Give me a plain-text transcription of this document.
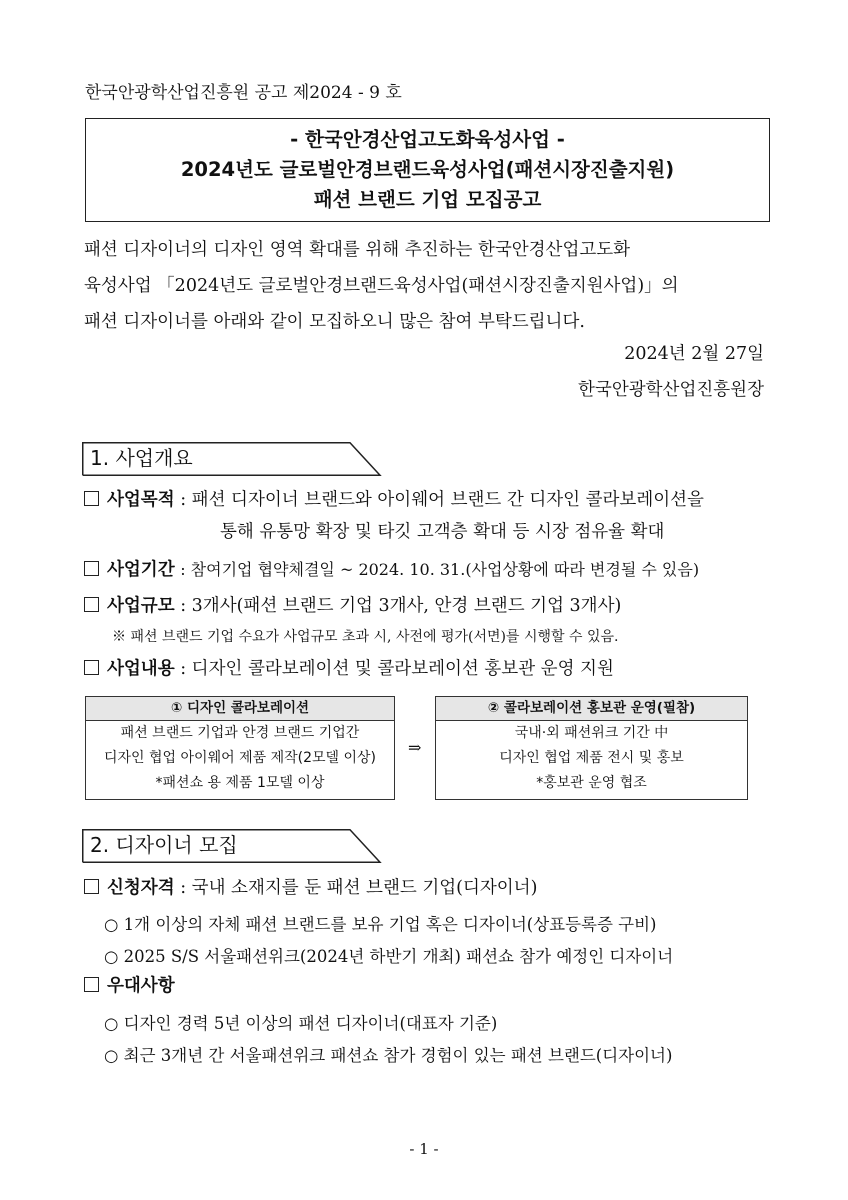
한국안광학산업진흥원 공고 제2024 - 9 호
- 한국안경산업고도화육성사업 -
2024년도 글로벌안경브랜드육성사업(패션시장진출지원)
패션 브랜드 기업 모집공고
패션 디자이너의 디자인 영역 확대를 위해 추진하는 한국안경산업고도화
육성사업 「2024년도 글로벌안경브랜드육성사업(패션시장진출지원사업)」의
패션 디자이너를 아래와 같이 모집하오니 많은 참여 부탁드립니다.
2024년 2월 27일
한국안광학산업진흥원장
1. 사업개요
사업목적 : 패션 디자이너 브랜드와 아이웨어 브랜드 간 디자인 콜라보레이션을
통해 유통망 확장 및 타깃 고객층 확대 등 시장 점유율 확대
사업기간 : 참여기업 협약체결일 ~ 2024. 10. 31.(사업상황에 따라 변경될 수 있음)
사업규모 : 3개사(패션 브랜드 기업 3개사, 안경 브랜드 기업 3개사)
※ 패션 브랜드 기업 수요가 사업규모 초과 시, 사전에 평가(서면)를 시행할 수 있음.
사업내용 : 디자인 콜라보레이션 및 콜라보레이션 홍보관 운영 지원
① 디자인 콜라보레이션
패션 브랜드 기업과 안경 브랜드 기업간
디자인 협업 아이웨어 제품 제작(2모델 이상)
*패션쇼 용 제품 1모델 이상
⇒
② 콜라보레이션 홍보관 운영(필참)
국내·외 패션위크 기간 中
디자인 협업 제품 전시 및 홍보
*홍보관 운영 협조
2. 디자이너 모집
신청자격 : 국내 소재지를 둔 패션 브랜드 기업(디자이너)
○ 1개 이상의 자체 패션 브랜드를 보유 기업 혹은 디자이너(상표등록증 구비)
○ 2025 S/S 서울패션위크(2024년 하반기 개최) 패션쇼 참가 예정인 디자이너
우대사항
○ 디자인 경력 5년 이상의 패션 디자이너(대표자 기준)
○ 최근 3개년 간 서울패션위크 패션쇼 참가 경험이 있는 패션 브랜드(디자이너)
- 1 -
